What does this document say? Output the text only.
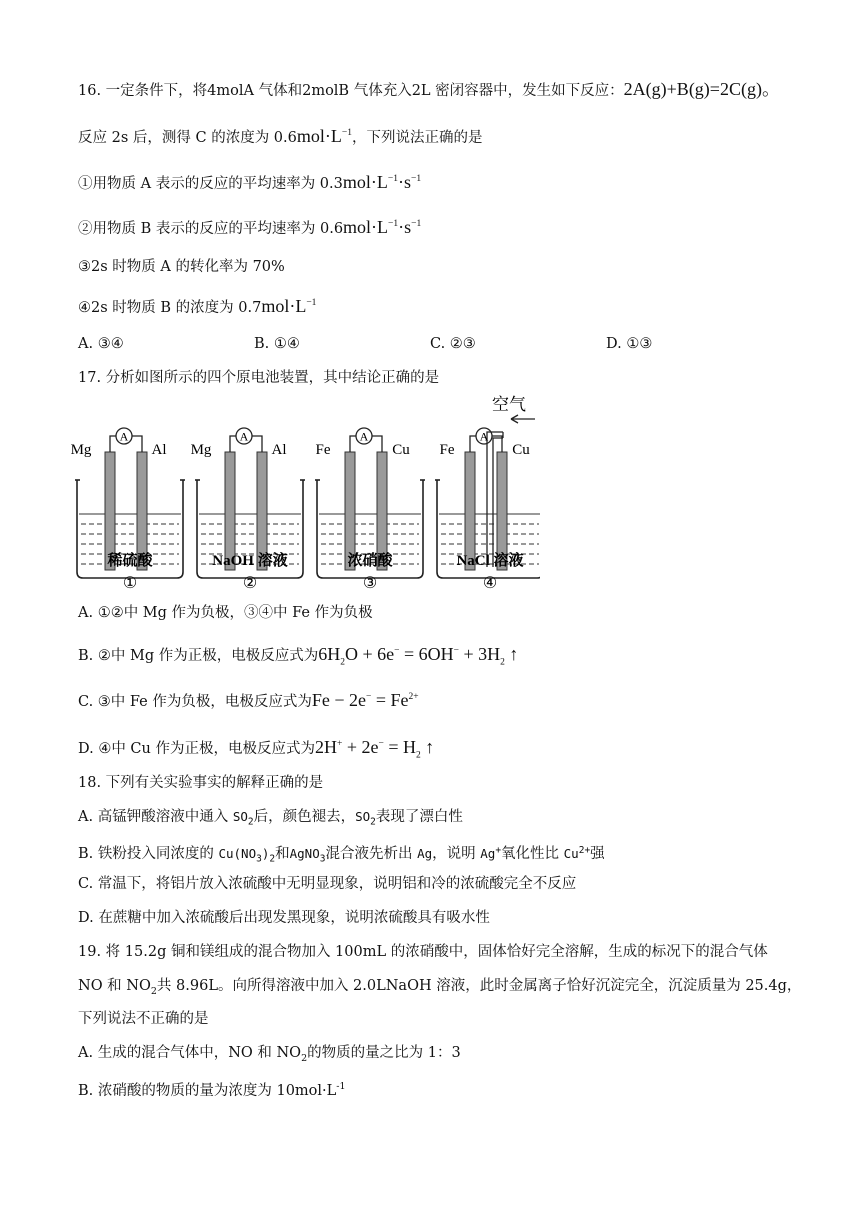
16. 一定条件下，将4molA 气体和2molB 气体充入2L 密闭容器中，发生如下反应：2A(g)+B(g)=2C(g)。
反应 2s 后，测得 C 的浓度为 $0.6mol\cdot L^{-1}$，下列说法正确的是
①用物质 A 表示的反应的平均速率为 $0.3mol\cdot L^{-1}\cdot s^{-1}$
②用物质 B 表示的反应的平均速率为 $0.6mol\cdot L^{-1}\cdot s^{-1}$
③2s 时物质 A 的转化率为 70%
④2s 时物质 B 的浓度为 $0.7mol\cdot L^{-1}$
A. ③④	B. ①④	C. ②③	D. ①③
17. 分析如图所示的四个原电池装置，其中结论正确的是
A
Mg	Al
稀硫酸
①
A
Mg	Al
NaOH 溶液
②
A
Fe	Cu
浓硝酸
③
空气
A
Fe	Cu
NaCl 溶液
④
A. ①②中 Mg 作为负极，③④中 Fe 作为负极
B. ②中 Mg 作为正极，电极反应式为$6H_2O + 6e^- = 6OH^- + 3H_2$ ↑
C. ③中 Fe 作为负极，电极反应式为$Fe - 2e^- = Fe^{2+}$
D. ④中 Cu 作为正极，电极反应式为$2H^+ + 2e^- = H_2$ ↑
18. 下列有关实验事实的解释正确的是
A. 高锰钾酸溶液中通入 $SO_2$后，颜色褪去，$SO_2$表现了漂白性
B. 铁粉投入同浓度的 $Cu(NO_3)_2$和AgNO$_3$混合液先析出 Ag，说明 Ag+氧化性比 $Cu^{2+}$强
C. 常温下，将铝片放入浓硫酸中无明显现象，说明铝和冷的浓硫酸完全不反应
D. 在蔗糖中加入浓硫酸后出现发黑现象，说明浓硫酸具有吸水性
19. 将 15.2g 铜和镁组成的混合物加入 100mL 的浓硝酸中，固体恰好完全溶解，生成的标况下的混合气体
NO 和 $NO_2$共 8.96L。向所得溶液中加入 2.0LNaOH 溶液，此时金属离子恰好沉淀完全，沉淀质量为 25.4g，
下列说法不正确的是
A. 生成的混合气体中，NO 和 $NO_2$的物质的量之比为 1：3
B. 浓硝酸的物质的量为浓度为 $10mol\cdot L^{-1}$
